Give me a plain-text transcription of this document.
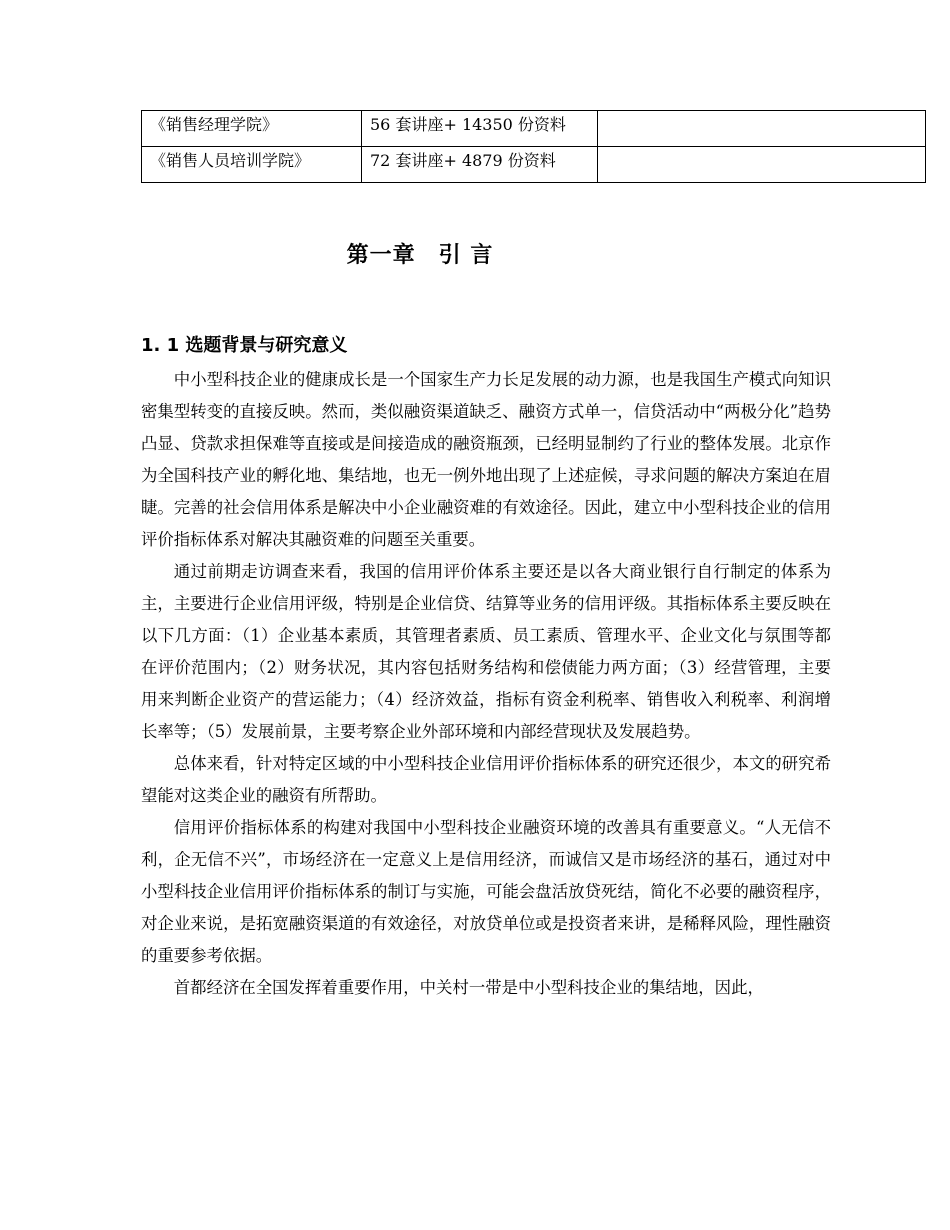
《销售经理学院》	56 套讲座+ 14350 份资料	
《销售人员培训学院》	72 套讲座+ 4879 份资料	
第一章　引 言
1. 1 选题背景与研究意义

中小型科技企业的健康成长是一个国家生产力长足发展的动力源，也是我国生产模式向知识密集型转变的直接反映。然而，类似融资渠道缺乏、融资方式单一，信贷活动中“两极分化”趋势凸显、贷款求担保难等直接或是间接造成的融资瓶颈，已经明显制约了行业的整体发展。北京作为全国科技产业的孵化地、集结地，也无一例外地出现了上述症候，寻求问题的解决方案迫在眉睫。完善的社会信用体系是解决中小企业融资难的有效途径。因此，建立中小型科技企业的信用评价指标体系对解决其融资难的问题至关重要。

通过前期走访调查来看，我国的信用评价体系主要还是以各大商业银行自行制定的体系为主，主要进行企业信用评级，特别是企业信贷、结算等业务的信用评级。其指标体系主要反映在以下几方面：（1）企业基本素质，其管理者素质、员工素质、管理水平、企业文化与氛围等都在评价范围内；（2）财务状况，其内容包括财务结构和偿债能力两方面；（3）经营管理，主要用来判断企业资产的营运能力；（4）经济效益，指标有资金利税率、销售收入利税率、利润增长率等；（5）发展前景，主要考察企业外部环境和内部经营现状及发展趋势。

总体来看，针对特定区域的中小型科技企业信用评价指标体系的研究还很少，本文的研究希望能对这类企业的融资有所帮助。

信用评价指标体系的构建对我国中小型科技企业融资环境的改善具有重要意义。“人无信不利，企无信不兴”，市场经济在一定意义上是信用经济，而诚信又是市场经济的基石，通过对中小型科技企业信用评价指标体系的制订与实施，可能会盘活放贷死结，简化不必要的融资程序，对企业来说，是拓宽融资渠道的有效途径，对放贷单位或是投资者来讲，是稀释风险，理性融资的重要参考依据。

首都经济在全国发挥着重要作用，中关村一带是中小型科技企业的集结地，因此，
